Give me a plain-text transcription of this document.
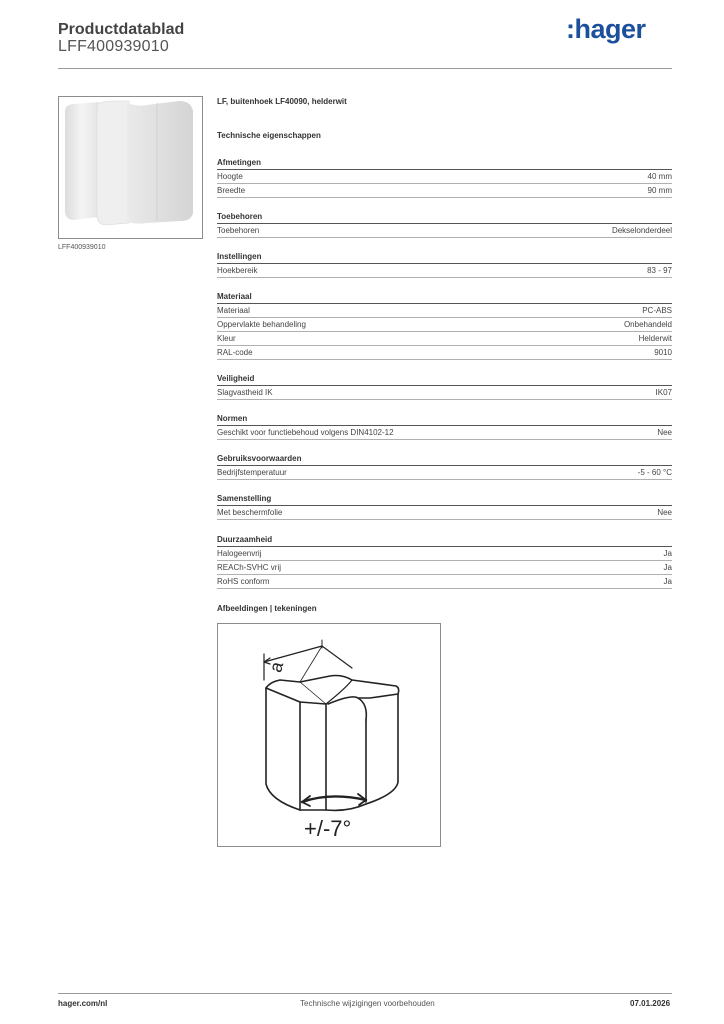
Productdatablad
LFF400939010
:hager
LFF400939010
LF, buitenhoek LF40090, helderwit
Technische eigenschappen
Afmetingen
Hoogte	40 mm
Breedte	90 mm
Toebehoren
Toebehoren	Dekselonderdeel
Instellingen
Hoekbereik	83 - 97
Materiaal
Materiaal	PC-ABS
Oppervlakte behandeling	Onbehandeld
Kleur	Helderwit
RAL-code	9010
Veiligheid
Slagvastheid IK	IK07
Normen
Geschikt voor functiebehoud volgens DIN4102-12	Nee
Gebruiksvoorwaarden
Bedrijfstemperatuur	-5 - 60 °C
Samenstelling
Met beschermfolie	Nee
Duurzaamheid
Halogeenvrij	Ja
REACh-SVHC vrij	Ja
RoHS conform	Ja
Afbeeldingen | tekeningen
a
+/-7°
hager.com/nl	Technische wijzigingen voorbehouden	07.01.2026
